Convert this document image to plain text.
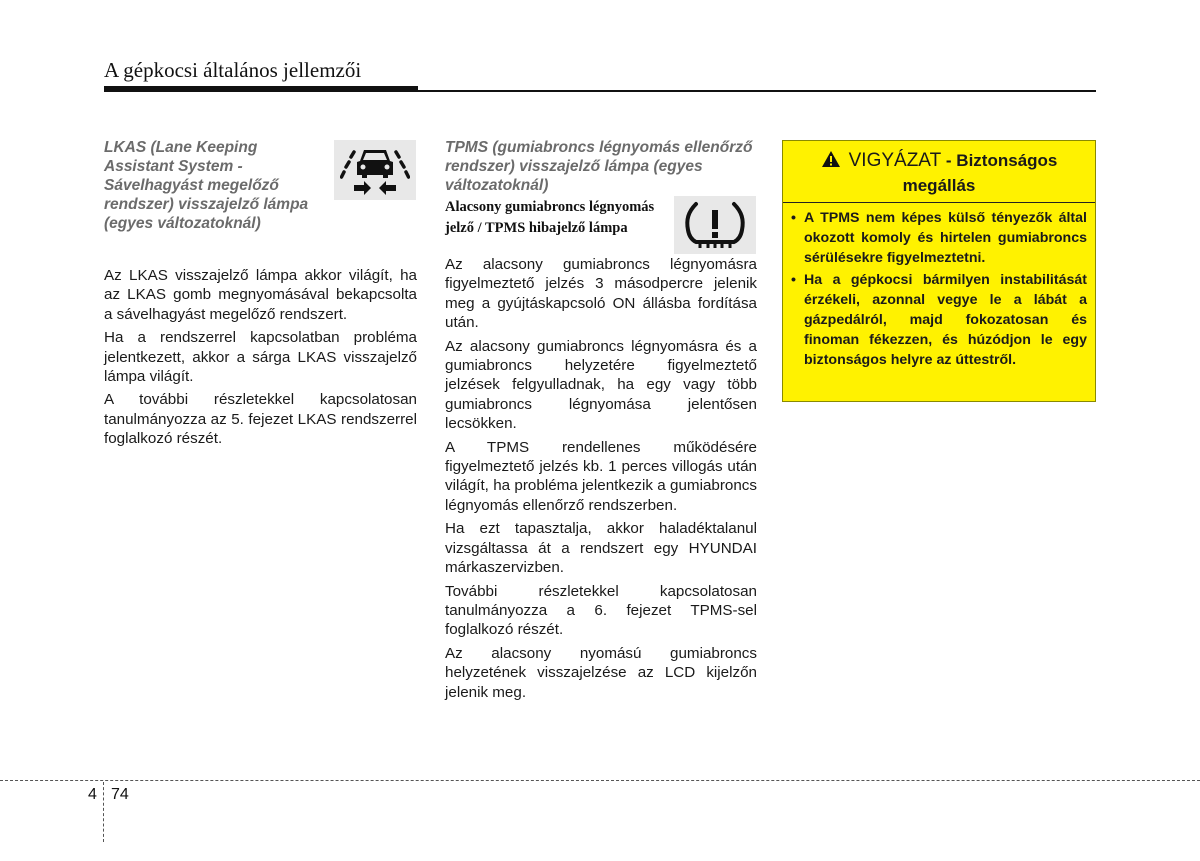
A gépkocsi általános jellemzői

LKAS (Lane Keeping Assistant System - Sávelhagyást megelőző rendszer) visszajelző lámpa (egyes változatoknál)

Az LKAS visszajelző lámpa akkor világít, ha az LKAS gomb megnyomásával bekapcsolta a sávelhagyást megelőző rendszert.

Ha a rendszerrel kapcsolatban probléma jelentkezett, akkor a sárga LKAS visszajelző lámpa világít.

A további részletekkel kapcsolatosan tanulmányozza az 5. fejezet LKAS rendszerrel foglalkozó részét.

TPMS (gumiabroncs légnyomás ellenőrző rendszer) visszajelző lámpa (egyes változatoknál)

Alacsony gumiabroncs légnyomás jelző / TPMS hibajelző lámpa

Az alacsony gumiabroncs légnyomásra figyelmeztető jelzés 3 másodpercre jelenik meg a gyújtáskapcsoló ON állásba fordítása után.

Az alacsony gumiabroncs légnyomásra és a gumiabroncs helyzetére figyelmeztető jelzések felgyulladnak, ha egy vagy több gumiabroncs légnyomása jelentősen lecsökken.

A TPMS rendellenes működésére figyelmeztető jelzés kb. 1 perces villogás után világít, ha probléma jelentkezik a gumiabroncs légnyomás ellenőrző rendszerben.

Ha ezt tapasztalja, akkor haladéktalanul vizsgáltassa át a rendszert egy HYUNDAI márkaszervizben.

További részletekkel kapcsolatosan tanulmányozza a 6. fejezet TPMS-sel foglalkozó részét.

Az alacsony nyomású gumiabroncs helyzetének visszajelzése az LCD kijelzőn jelenik meg.

VIGYÁZAT - Biztonságos megállás
• A TPMS nem képes külső tényezők által okozott komoly és hirtelen gumiabroncs sérülésekre figyelmeztetni.
• Ha a gépkocsi bármilyen instabilitását érzékeli, azonnal vegye le a lábát a gázpedálról, majd fokozatosan és finoman fékezzen, és húzódjon le egy biztonságos helyre az úttestről.
4 74
